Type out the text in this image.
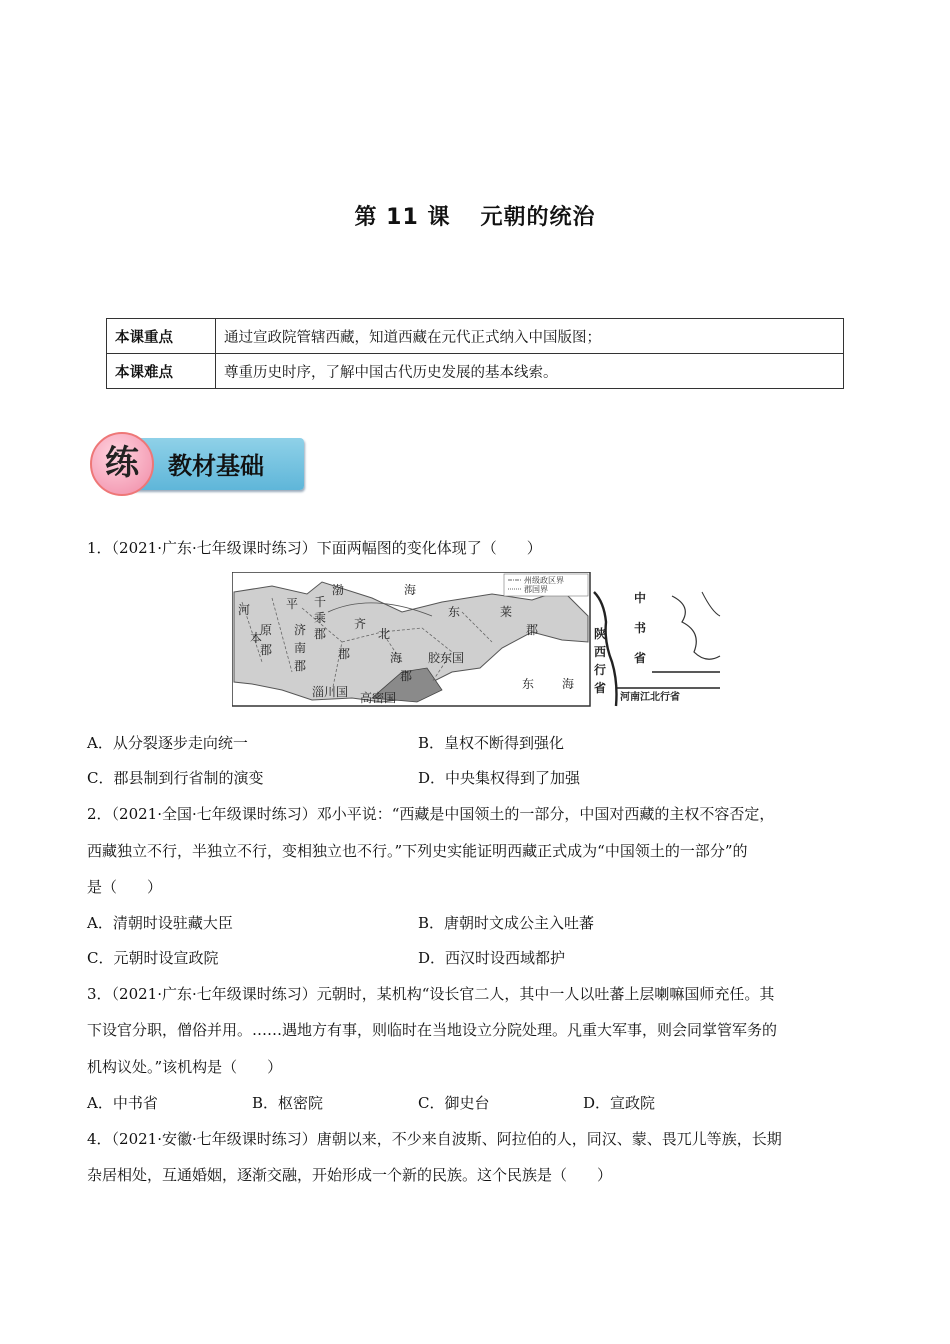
第 11 课 元朝的统治
本课重点	通过宣政院管辖西藏，知道西藏在元代正式纳入中国版图；
本课难点	尊重历史时序，了解中国古代历史发展的基本线索。
练	教材基础
1．（2021·广东·七年级课时练习）下面两幅图的变化体现了（　　）
州级政区界
郡国界
渤	海
千
乘
郡
平
原
郡
河
济
南
郡
齐
郡
北
海
郡
东	莱
郡
胶东国
淄川国 高密国
东 海
本
中
书
省
陕
西
行
省
河南江北行省
A．从分裂逐步走向统一	B．皇权不断得到强化
C．郡县制到行省制的演变	D．中央集权得到了加强
2．（2021·全国·七年级课时练习）邓小平说：“西藏是中国领土的一部分，中国对西藏的主权不容否定，
西藏独立不行，半独立不行，变相独立也不行。”下列史实能证明西藏正式成为“中国领土的一部分”的
是（　　）
A．清朝时设驻藏大臣	B．唐朝时文成公主入吐蕃
C．元朝时设宣政院	D．西汉时设西域都护
3．（2021·广东·七年级课时练习）元朝时，某机构“设长官二人，其中一人以吐蕃上层喇嘛国师充任。其
下设官分职，僧俗并用。……遇地方有事，则临时在当地设立分院处理。凡重大军事，则会同掌管军务的
机构议处。”该机构是（　　）
A．中书省	B．枢密院	C．御史台	D．宣政院
4．（2021·安徽·七年级课时练习）唐朝以来，不少来自波斯、阿拉伯的人，同汉、蒙、畏兀儿等族，长期
杂居相处，互通婚姻，逐渐交融，开始形成一个新的民族。这个民族是（　　）
